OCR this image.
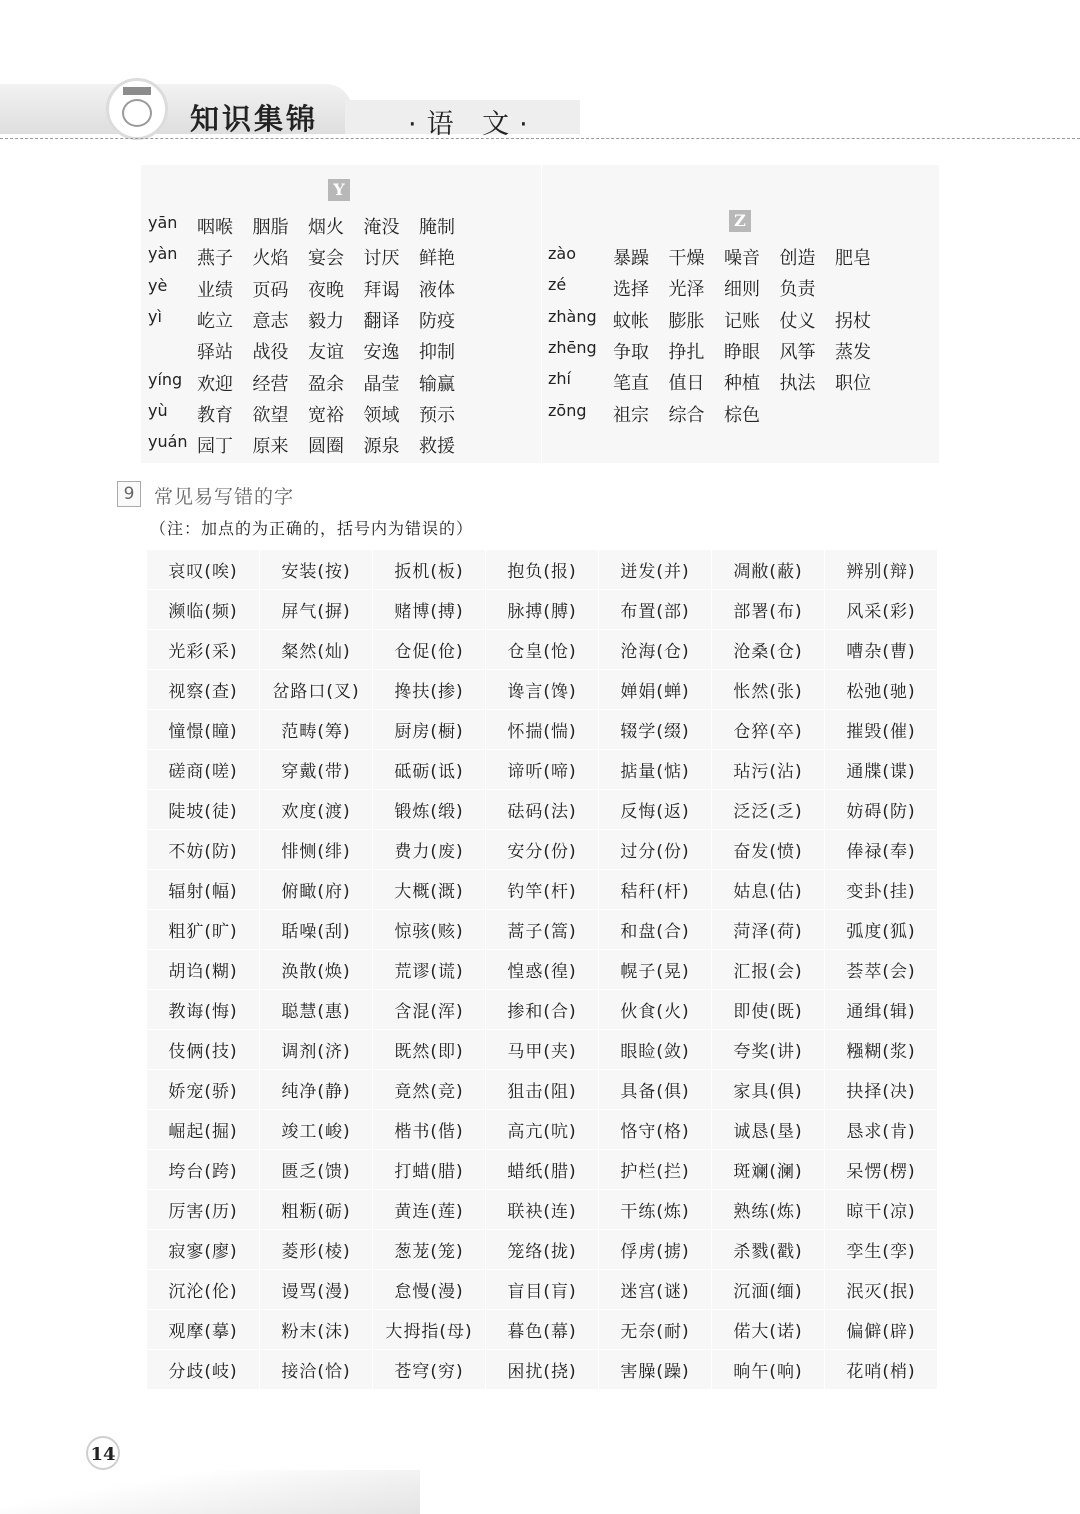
知识集锦	·语 文·
Y
Z
yān 咽喉 胭脂 烟火 淹没 腌制
yàn 燕子 火焰 宴会 讨厌 鲜艳
yè 业绩 页码 夜晚 拜谒 液体
yì 屹立 意志 毅力 翻译 防疫
驿站 战役 友谊 安逸 抑制
yíng 欢迎 经营 盈余 晶莹 输赢
yù 教育 欲望 宽裕 领域 预示
yuán 园丁 原来 圆圈 源泉 救援
zào 暴躁 干燥 噪音 创造 肥皂
zé	选择 光泽 细则 负责
zhàng 蚊帐 膨胀 记账 仗义 拐杖
zhēng 争取 挣扎 睁眼 风筝 蒸发
zhí 笔直 值日 种植 执法 职位
zōng 祖宗 综合 棕色
9	常见易写错的字
（注：加点的为正确的，括号内为错误的）
哀叹(唉)	安装(按)	扳机(板)	抱负(报)	迸发(并)	凋敝(蔽)	辨别(辩)
濒临(频)	屏气(摒)	赌博(搏)	脉搏(膊)	布置(部)	部署(布)	风采(彩)
光彩(采)	粲然(灿)	仓促(伧)	仓皇(怆)	沧海(仓)	沧桑(仓)	嘈杂(曹)
视察(查)	岔路口(叉)	搀扶(掺)	谗言(馋)	婵娟(蝉)	怅然(张)	松弛(驰)
憧憬(瞳)	范畴(筹)	厨房(橱)	怀揣(惴)	辍学(缀)	仓猝(卒)	摧毁(催)
磋商(嗟)	穿戴(带)	砥砺(诋)	谛听(啼)	掂量(惦)	玷污(沾)	通牒(谍)
陡坡(徒)	欢度(渡)	锻炼(缎)	砝码(法)	反悔(返)	泛泛(乏)	妨碍(防)
不妨(防)	悱恻(绯)	费力(废)	安分(份)	过分(份)	奋发(愤)	俸禄(奉)
辐射(幅)	俯瞰(府)	大概(溉)	钓竿(杆)	秸秆(杆)	姑息(估)	变卦(挂)
粗犷(旷)	聒噪(刮)	惊骇(赅)	蒿子(篙)	和盘(合)	菏泽(荷)	弧度(狐)
胡诌(糊)	涣散(焕)	荒谬(谎)	惶惑(徨)	幌子(晃)	汇报(会)	荟萃(会)
教诲(悔)	聪慧(惠)	含混(浑)	掺和(合)	伙食(火)	即使(既)	通缉(辑)
伎俩(技)	调剂(济)	既然(即)	马甲(夹)	眼睑(敛)	夸奖(讲)	糨糊(浆)
娇宠(骄)	纯净(静)	竟然(竞)	狙击(阻)	具备(俱)	家具(俱)	抉择(决)
崛起(掘)	竣工(峻)	楷书(偕)	高亢(吭)	恪守(格)	诚恳(垦)	恳求(肯)
垮台(跨)	匮乏(馈)	打蜡(腊)	蜡纸(腊)	护栏(拦)	斑斓(澜)	呆愣(楞)
厉害(历)	粗粝(砺)	黄连(莲)	联袂(连)	干练(炼)	熟练(炼)	晾干(凉)
寂寥(廖)	菱形(棱)	葱茏(笼)	笼络(拢)	俘虏(掳)	杀戮(戳)	孪生(孪)
沉沦(伦)	谩骂(漫)	怠慢(漫)	盲目(肓)	迷宫(谜)	沉湎(缅)	泯灭(抿)
观摩(摹)	粉末(沫)	大拇指(母)	暮色(幕)	无奈(耐)	偌大(诺)	偏僻(辟)
分歧(岐)	接洽(恰)	苍穹(穷)	困扰(挠)	害臊(躁)	晌午(响)	花哨(梢)
14
